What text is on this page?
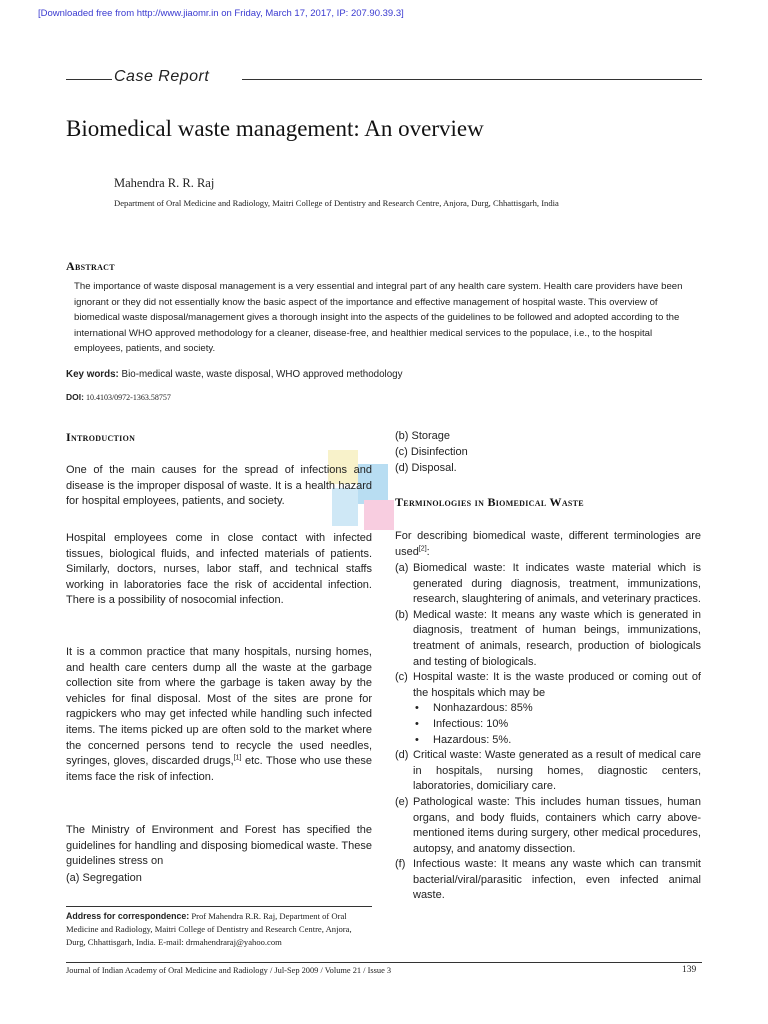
[Downloaded free from http://www.jiaomr.in on Friday, March 17, 2017, IP: 207.90.39.3]
Case Report
Biomedical waste management: An overview
Mahendra R. R. Raj
Department of Oral Medicine and Radiology, Maitri College of Dentistry and Research Centre, Anjora, Durg, Chhattisgarh, India
Abstract

The importance of waste disposal management is a very essential and integral part of any health care system. Health care providers have been ignorant or they did not essentially know the basic aspect of the importance and effective management of hospital waste. This overview of biomedical waste disposal/management gives a thorough insight into the aspects of the guidelines to be followed and adopted according to the international WHO approved methodology for a cleaner, disease-free, and healthier medical services to the populace, i.e., to the hospital employees, patients, and society.

Key words: Bio-medical waste, waste disposal, WHO approved methodology
DOI: 10.4103/0972-1363.58757
Introduction

One of the main causes for the spread of infections and disease is the improper disposal of waste. It is a health hazard for hospital employees, patients, and society.

Hospital employees come in close contact with infected tissues, biological fluids, and infected materials of patients. Similarly, doctors, nurses, labor staff, and technical staffs working in laboratories face the risk of accidental infection. There is a possibility of nosocomial infection.

It is a common practice that many hospitals, nursing homes, and health care centers dump all the waste at the garbage collection site from where the garbage is taken away by the vehicles for final disposal. Most of the sites are prone for ragpickers who may get infected while handling such infected items. The items picked up are often sold to the market where the concerned persons tend to recycle the used needles, syringes, gloves, discarded drugs,[1] etc. Those who use these items face the risk of infection.

The Ministry of Environment and Forest has specified the guidelines for handling and disposing biomedical waste. These guidelines stress on

(a) Segregation
(b) Storage
(c) Disinfection
(d) Disposal.
Terminologies in Biomedical Waste

For describing biomedical waste, different terminologies are used[2]:

(a) Biomedical waste: It indicates waste material which is generated during diagnosis, treatment, immunizations, research, slaughtering of animals, and veterinary practices.
(b) Medical waste: It means any waste which is generated in diagnosis, treatment of human beings, immunizations, treatment of animals, research, production of biologicals and testing of biologicals.
(c) Hospital waste: It is the waste produced or coming out of the hospitals which may be
• Nonhazardous: 85%
• Infectious: 10%
• Hazardous: 5%.
(d) Critical waste: Waste generated as a result of medical care in hospitals, nursing homes, diagnostic centers, laboratories, domiciliary care.
(e) Pathological waste: This includes human tissues, human organs, and body fluids, containers which carry above-mentioned items during surgery, other medical procedures, autopsy, and anatomy dissection.
(f) Infectious waste: It means any waste which can transmit bacterial/viral/parasitic infection, even infected animal waste.
Address for correspondence: Prof Mahendra R.R. Raj, Department of Oral Medicine and Radiology, Maitri College of Dentistry and Research Centre, Anjora, Durg, Chhattisgarh, India. E-mail: drmahendraraj@yahoo.com
Journal of Indian Academy of Oral Medicine and Radiology / Jul-Sep 2009 / Volume 21 / Issue 3	139
